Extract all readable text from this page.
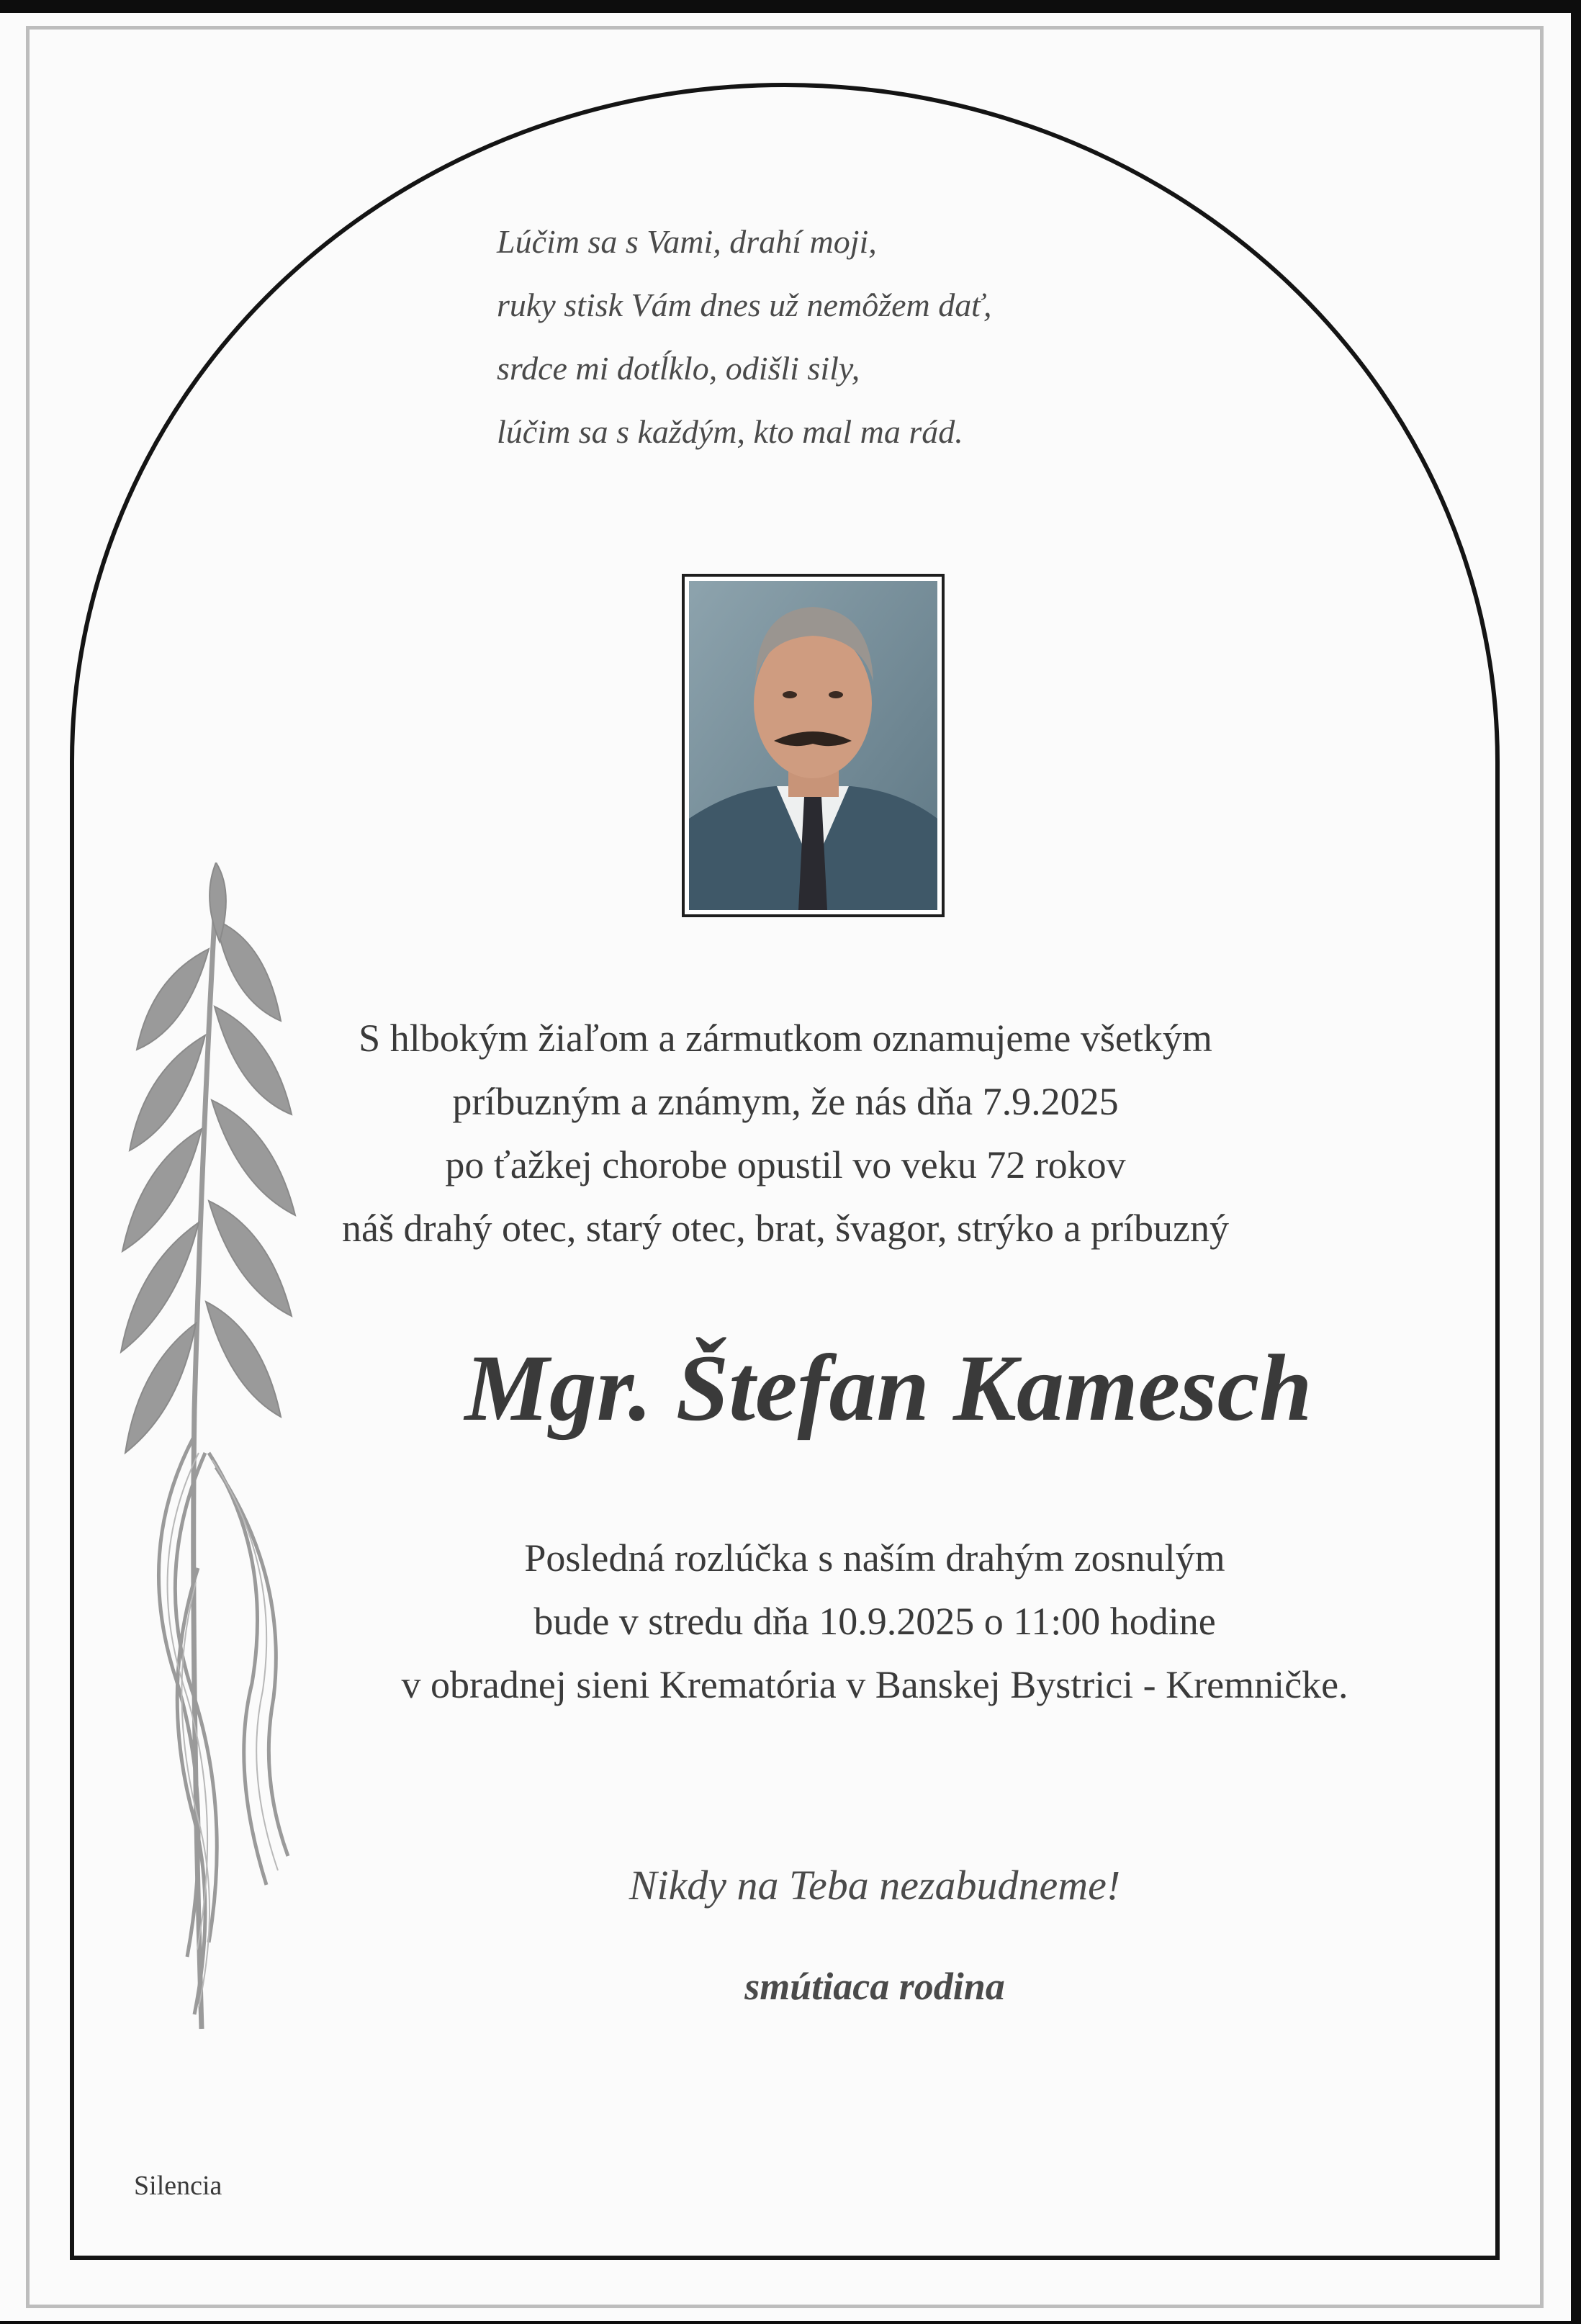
Lúčim sa s Vami, drahí moji,
ruky stisk Vám dnes už nemôžem dať,
srdce mi dotĺklo, odišli sily,
lúčim sa s každým, kto mal ma rád.
S hlbokým žiaľom a zármutkom oznamujeme všetkým
príbuzným a známym, že nás dňa 7.9.2025
po ťažkej chorobe opustil vo veku 72 rokov
náš drahý otec, starý otec, brat, švagor, strýko a príbuzný
Mgr. Štefan Kamesch
Posledná rozlúčka s naším drahým zosnulým
bude v stredu dňa 10.9.2025 o 11:00 hodine
v obradnej sieni Krematória v Banskej Bystrici - Kremničke.
Nikdy na Teba nezabudneme!
smútiaca rodina
Silencia
